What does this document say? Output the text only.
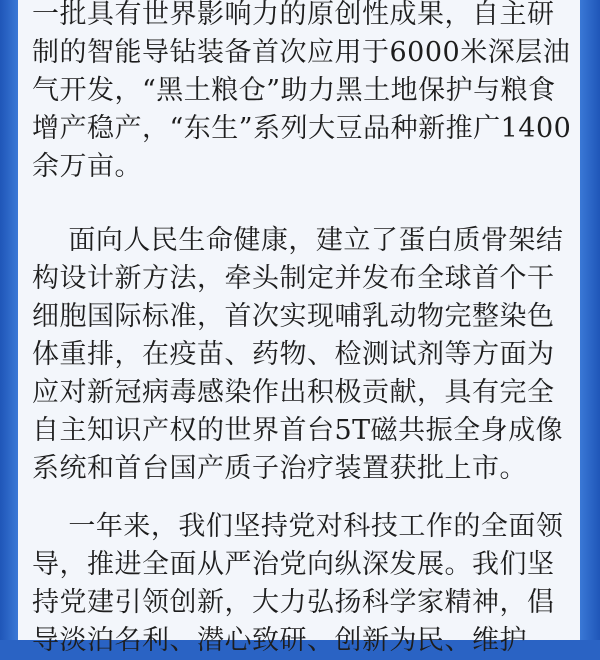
一批具有世界影响力的原创性成果，自主研制的智能导钻装备首次应用于6000米深层油气开发，“黑土粮仓”助力黑土地保护与粮食增产稳产，“东生”系列大豆品种新推广1400余万亩。

面向人民生命健康，建立了蛋白质骨架结构设计新方法，牵头制定并发布全球首个干细胞国际标准，首次实现哺乳动物完整染色体重排，在疫苗、药物、检测试剂等方面为应对新冠病毒感染作出积极贡献，具有完全自主知识产权的世界首台5T磁共振全身成像系统和首台国产质子治疗装置获批上市。

一年来，我们坚持党对科技工作的全面领导，推进全面从严治党向纵深发展。我们坚持党建引领创新，大力弘扬科学家精神，倡导淡泊名利、潜心致研、创新为民、维护
